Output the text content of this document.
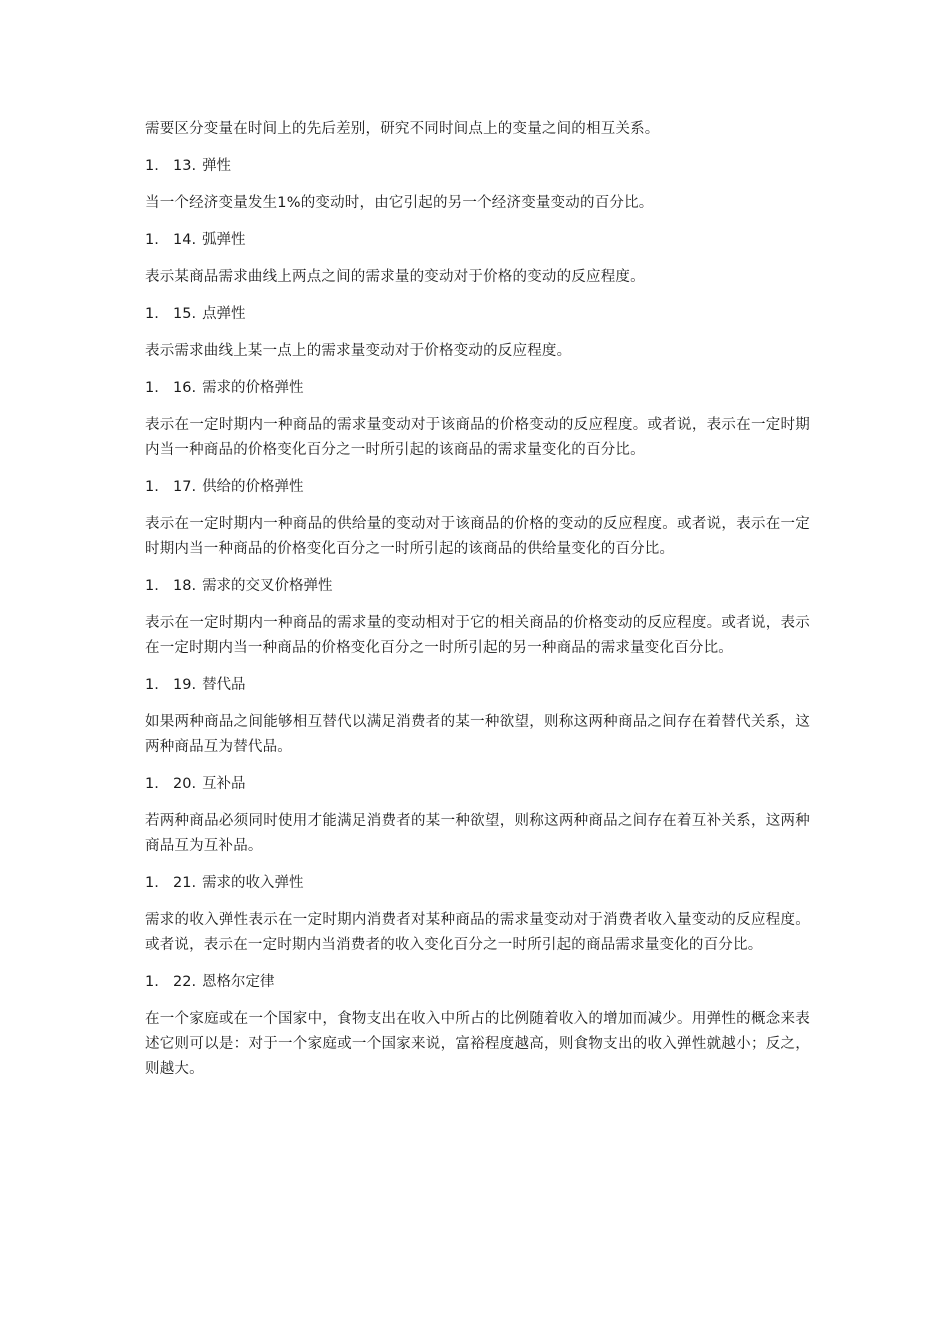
需要区分变量在时间上的先后差别，研究不同时间点上的变量之间的相互关系。

1. 13. 弹性

当一个经济变量发生1%的变动时，由它引起的另一个经济变量变动的百分比。

1. 14. 弧弹性

表示某商品需求曲线上两点之间的需求量的变动对于价格的变动的反应程度。

1. 15. 点弹性

表示需求曲线上某一点上的需求量变动对于价格变动的反应程度。

1. 16. 需求的价格弹性

表示在一定时期内一种商品的需求量变动对于该商品的价格变动的反应程度。或者说，表示在一定时期内当一种商品的价格变化百分之一时所引起的该商品的需求量变化的百分比。

1. 17. 供给的价格弹性

表示在一定时期内一种商品的供给量的变动对于该商品的价格的变动的反应程度。或者说，表示在一定时期内当一种商品的价格变化百分之一时所引起的该商品的供给量变化的百分比。

1. 18. 需求的交叉价格弹性

表示在一定时期内一种商品的需求量的变动相对于它的相关商品的价格变动的反应程度。或者说，表示在一定时期内当一种商品的价格变化百分之一时所引起的另一种商品的需求量变化百分比。

1. 19. 替代品

如果两种商品之间能够相互替代以满足消费者的某一种欲望，则称这两种商品之间存在着替代关系，这两种商品互为替代品。

1. 20. 互补品

若两种商品必须同时使用才能满足消费者的某一种欲望，则称这两种商品之间存在着互补关系，这两种商品互为互补品。

1. 21. 需求的收入弹性

需求的收入弹性表示在一定时期内消费者对某种商品的需求量变动对于消费者收入量变动的反应程度。或者说，表示在一定时期内当消费者的收入变化百分之一时所引起的商品需求量变化的百分比。

1. 22. 恩格尔定律

在一个家庭或在一个国家中，食物支出在收入中所占的比例随着收入的增加而减少。用弹性的概念来表述它则可以是：对于一个家庭或一个国家来说，富裕程度越高，则食物支出的收入弹性就越小；反之，则越大。
